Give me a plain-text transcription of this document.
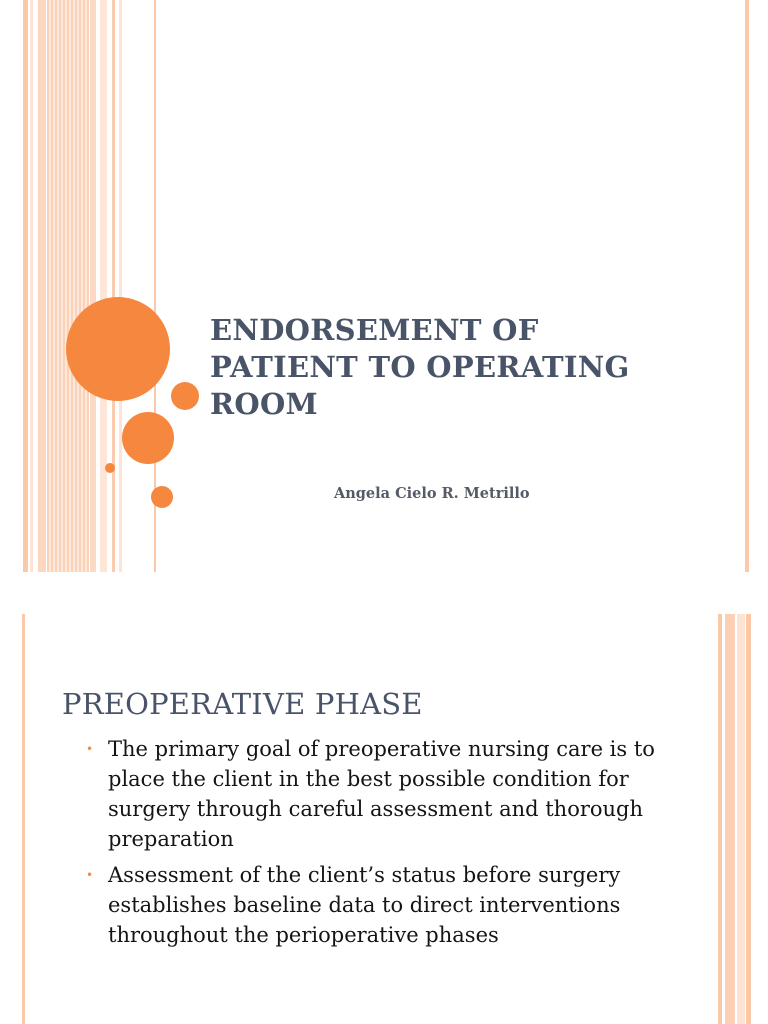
ENDORSEMENT OF
PATIENT TO OPERATING
ROOM
Angela Cielo R. Metrillo
PREOPERATIVE PHASE
• The primary goal of preoperative nursing care is to place the client in the best possible condition for surgery through careful assessment and thorough preparation
• Assessment of the client’s status before surgery establishes baseline data to direct interventions throughout the perioperative phases
